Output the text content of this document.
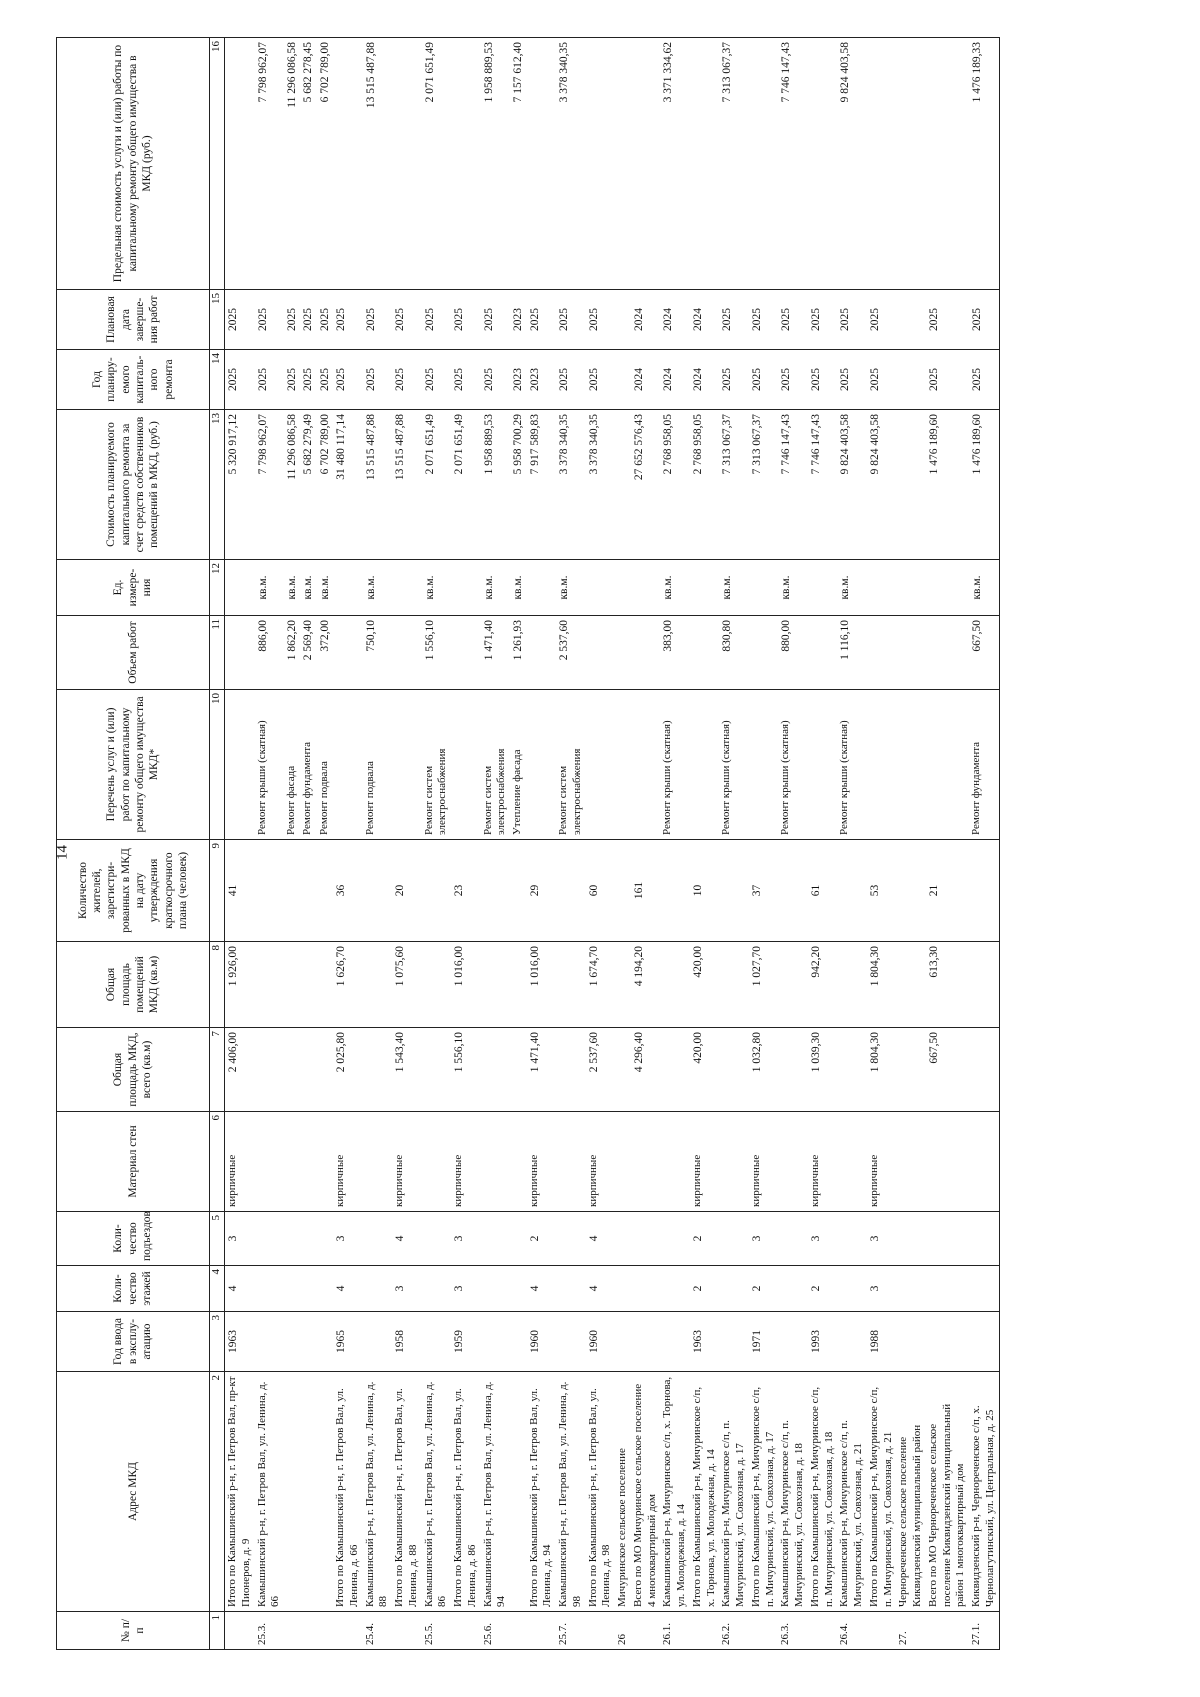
14
№ п/п	Адрес МКД	Год ввода в эксплу-атацию	Коли-чество этажей	Коли-чество подъездов	Материал стен	Общая площадь МКД, всего (кв.м)	Общая площадь помещений МКД (кв.м)	Количество жителей, зарегистри-рованных в МКД на дату утверждения краткосрочного плана (человек)	Перечень услуг и (или) работ по капитальному ремонту общего имущества МКД*	Объем работ	Ед. измере-ния	Стоимость планируемого капитального ремонта за счет средств собственников помещений в МКД, (руб.)	Год планиру-емого капиталь-ного ремонта	Плановая дата заверше-ния работ	Предельная стоимость услуги и (или) работы по капитальному ремонту общего имущества в МКД (руб.)
1	2	3	4	5	6	7	8	9	10	11	12	13	14	15	16
	Итого по Камышинский р-н, г. Петров Вал, пр-кт Пионеров, д. 9	1963	4	3	кирпичные	2 406,00	1 926,00	41				5 320 917,12	2025	2025	
25.3.	Камышинский р-н, г. Петров Вал, ул. Ленина, д. 66								Ремонт крыши (скатная)	886,00	кв.м.	7 798 962,07	2025	2025	7 798 962,07
									Ремонт фасада	1 862,20	кв.м.	11 296 086,58	2025	2025	11 296 086,58
									Ремонт фундамента	2 569,40	кв.м.	5 682 279,49	2025	2025	5 682 278,45
									Ремонт подвала	372,00	кв.м.	6 702 789,00	2025	2025	6 702 789,00
	Итого по Камышинский р-н, г. Петров Вал, ул. Ленина, д. 66	1965	4	3	кирпичные	2 025,80	1 626,70	36				31 480 117,14	2025	2025	
25.4.	Камышинский р-н, г. Петров Вал, ул. Ленина, д. 88								Ремонт подвала	750,10	кв.м.	13 515 487,88	2025	2025	13 515 487,88
	Итого по Камышинский р-н, г. Петров Вал, ул. Ленина, д. 88	1958	3	4	кирпичные	1 543,40	1 075,60	20				13 515 487,88	2025	2025	
25.5.	Камышинский р-н, г. Петров Вал, ул. Ленина, д. 86								Ремонт систем электроснабжения	1 556,10	кв.м.	2 071 651,49	2025	2025	2 071 651,49
	Итого по Камышинский р-н, г. Петров Вал, ул. Ленина, д. 86	1959	3	3	кирпичные	1 556,10	1 016,00	23				2 071 651,49	2025	2025	
25.6.	Камышинский р-н, г. Петров Вал, ул. Ленина, д. 94								Ремонт систем электроснабжения	1 471,40	кв.м.	1 958 889,53	2025	2025	1 958 889,53
									Утепление фасада	1 261,93	кв.м.	5 958 700,29	2023	2023	7 157 612,40
	Итого по Камышинский р-н, г. Петров Вал, ул. Ленина, д. 94	1960	4	2	кирпичные	1 471,40	1 016,00	29				7 917 589,83	2023	2025	
25.7.	Камышинский р-н, г. Петров Вал, ул. Ленина, д. 98								Ремонт систем электроснабжения	2 537,60	кв.м.	3 378 340,35	2025	2025	3 378 340,35
	Итого по Камышинский р-н, г. Петров Вал, ул. Ленина, д. 98	1960	4	4	кирпичные	2 537,60	1 674,70	60				3 378 340,35	2025	2025	
26	Мичуринское сельское поселение														
	Всего по МО Мичуринское сельское поселение 4 многоквартирный дом					4 296,40	4 194,20	161				27 652 576,43	2024	2024	
26.1.	Камышинский р-н, Мичуринское с/п, х. Торнова, ул. Молодежная, д. 14								Ремонт крыши (скатная)	383,00	кв.м.	2 768 958,05	2024	2024	3 371 334,62
	Итого по Камышинский р-н, Мичуринское с/п, х. Торнова, ул. Молодежная, д. 14	1963	2	2	кирпичные	420,00	420,00	10				2 768 958,05	2024	2024	
26.2.	Камышинский р-н, Мичуринское с/п, п. Мичуринский, ул. Совхозная, д. 17								Ремонт крыши (скатная)	830,80	кв.м.	7 313 067,37	2025	2025	7 313 067,37
	Итого по Камышинский р-н, Мичуринское с/п, п. Мичуринский, ул. Совхозная, д. 17	1971	2	3	кирпичные	1 032,80	1 027,70	37				7 313 067,37	2025	2025	
26.3.	Камышинский р-н, Мичуринское с/п, п. Мичуринский, ул. Совхозная, д. 18								Ремонт крыши (скатная)	880,00	кв.м.	7 746 147,43	2025	2025	7 746 147,43
	Итого по Камышинский р-н, Мичуринское с/п, п. Мичуринский, ул. Совхозная, д. 18	1993	2	3	кирпичные	1 039,30	942,20	61				7 746 147,43	2025	2025	
26.4.	Камышинский р-н, Мичуринское с/п, п. Мичуринский, ул. Совхозная, д. 21								Ремонт крыши (скатная)	1 116,10	кв.м.	9 824 403,58	2025	2025	9 824 403,58
	Итого по Камышинский р-н, Мичуринское с/п, п. Мичуринский, ул. Совхозная, д. 21	1988	3	3	кирпичные	1 804,30	1 804,30	53				9 824 403,58	2025	2025	
27.	Чернореченское сельское поселение Киквидзенский муниципальный район														
	Всего по МО Чернореченское сельское поселение Киквидзенский муниципальный район 1 многоквартирный дом					667,50	613,30	21				1 476 189,60	2025	2025	
27.1.	Киквидзенский р-н, Чернореченское с/п, х. Чернолагутинский, ул. Центральная, д. 25								Ремонт фундамента	667,50	кв.м.	1 476 189,60	2025	2025	1 476 189,33
